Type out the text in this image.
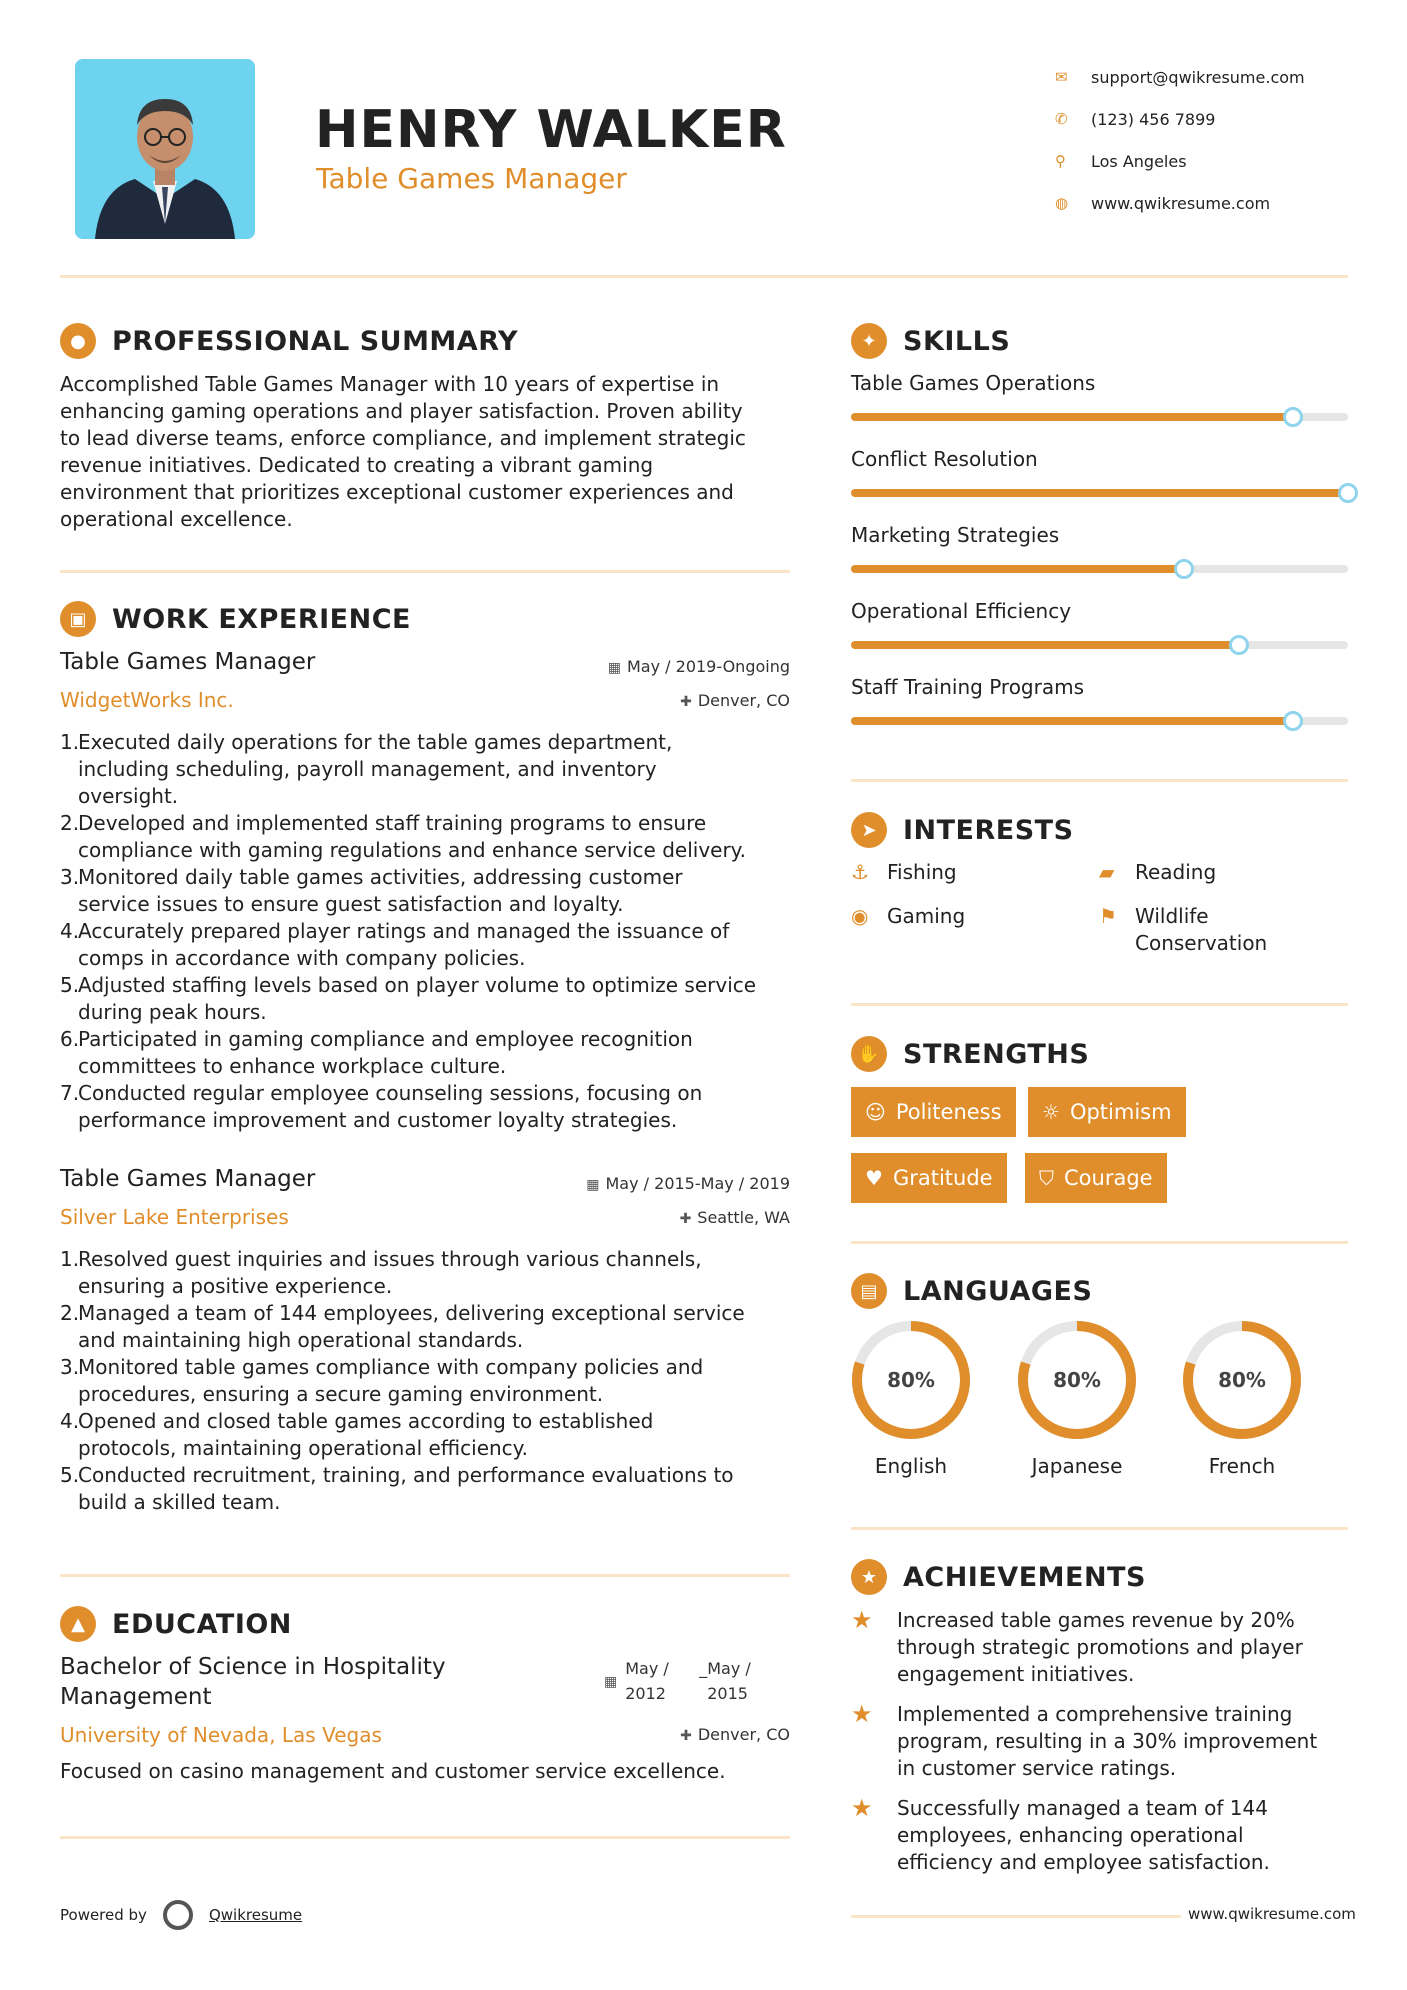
HENRY WALKER
Table Games Manager
✉	support@qwikresume.com
✆	(123) 456 7899
⚲	Los Angeles
◍	www.qwikresume.com
● PROFESSIONAL SUMMARY
Accomplished Table Games Manager with 10 years of expertise in
enhancing gaming operations and player satisfaction. Proven ability
to lead diverse teams, enforce compliance, and implement strategic
revenue initiatives. Dedicated to creating a vibrant gaming
environment that prioritizes exceptional customer experiences and
operational excellence.
▣ WORK EXPERIENCE
Table Games Manager
WidgetWorks Inc.
▦ May / 2019-Ongoing
✚ Denver, CO
1.
Executed daily operations for the table games department,
including scheduling, payroll management, and inventory
oversight.
2.
Developed and implemented staff training programs to ensure
compliance with gaming regulations and enhance service delivery.
3.
Monitored daily table games activities, addressing customer
service issues to ensure guest satisfaction and loyalty.
4.
Accurately prepared player ratings and managed the issuance of
comps in accordance with company policies.
5.
Adjusted staffing levels based on player volume to optimize service
during peak hours.
6.
Participated in gaming compliance and employee recognition
committees to enhance workplace culture.
7.
Conducted regular employee counseling sessions, focusing on
performance improvement and customer loyalty strategies.
Table Games Manager
Silver Lake Enterprises
▦ May / 2015-May / 2019
✚ Seattle, WA
1.
Resolved guest inquiries and issues through various channels,
ensuring a positive experience.
2.
Managed a team of 144 employees, delivering exceptional service
and maintaining high operational standards.
3.
Monitored table games compliance with company policies and
procedures, ensuring a secure gaming environment.
4.
Opened and closed table games according to established
protocols, maintaining operational efficiency.
5.
Conducted recruitment, training, and performance evaluations to
build a skilled team.
▲	EDUCATION
Bachelor of Science in Hospitality
Management
▦
May /
2012
_May /
2015
University of Nevada, Las Vegas	✚ Denver, CO
Focused on casino management and customer service excellence.
✦ SKILLS
Table Games Operations
Conflict Resolution
Marketing Strategies
Operational Efficiency
Staff Training Programs
➤ INTERESTS
⚓ Fishing	▰	Reading
◉ Gaming	⚑ Wildlife
Conservation
✋ STRENGTHS
☺ Politeness ☼ Optimism
♥ Gratitude ⛉ Courage
▤ LANGUAGES
80%
English
80%
Japanese
80%
French
★ ACHIEVEMENTS
★	Increased table games revenue by 20%
through strategic promotions and player
engagement initiatives.
★	Implemented a comprehensive training
program, resulting in a 30% improvement
in customer service ratings.
★	Successfully managed a team of 144
employees, enhancing operational
efficiency and employee satisfaction.
Powered by	Qwikresume	www.qwikresume.com
